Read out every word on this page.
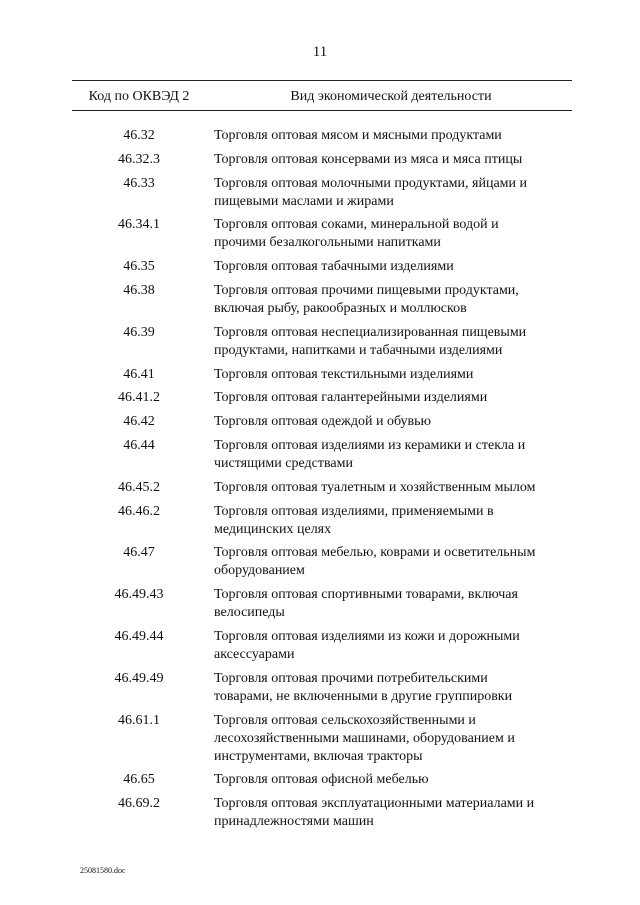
11
Код по ОКВЭД 2	Вид экономической деятельности
46.32	Торговля оптовая мясом и мясными продуктами
46.32.3	Торговля оптовая консервами из мяса и мяса птицы
46.33	Торговля оптовая молочными продуктами, яйцами и
пищевыми маслами и жирами
46.34.1	Торговля оптовая соками, минеральной водой и
прочими безалкогольными напитками
46.35	Торговля оптовая табачными изделиями
46.38	Торговля оптовая прочими пищевыми продуктами,
включая рыбу, ракообразных и моллюсков
46.39	Торговля оптовая неспециализированная пищевыми
продуктами, напитками и табачными изделиями
46.41	Торговля оптовая текстильными изделиями
46.41.2	Торговля оптовая галантерейными изделиями
46.42	Торговля оптовая одеждой и обувью
46.44	Торговля оптовая изделиями из керамики и стекла и
чистящими средствами
46.45.2	Торговля оптовая туалетным и хозяйственным мылом
46.46.2	Торговля оптовая изделиями, применяемыми в
медицинских целях
46.47	Торговля оптовая мебелью, коврами и осветительным
оборудованием
46.49.43	Торговля оптовая спортивными товарами, включая
велосипеды
46.49.44	Торговля оптовая изделиями из кожи и дорожными
аксессуарами
46.49.49	Торговля оптовая прочими потребительскими
товарами, не включенными в другие группировки
46.61.1	Торговля оптовая сельскохозяйственными и
лесохозяйственными машинами, оборудованием и
инструментами, включая тракторы
46.65	Торговля оптовая офисной мебелью
46.69.2	Торговля оптовая эксплуатационными материалами и
принадлежностями машин
25081580.doc
